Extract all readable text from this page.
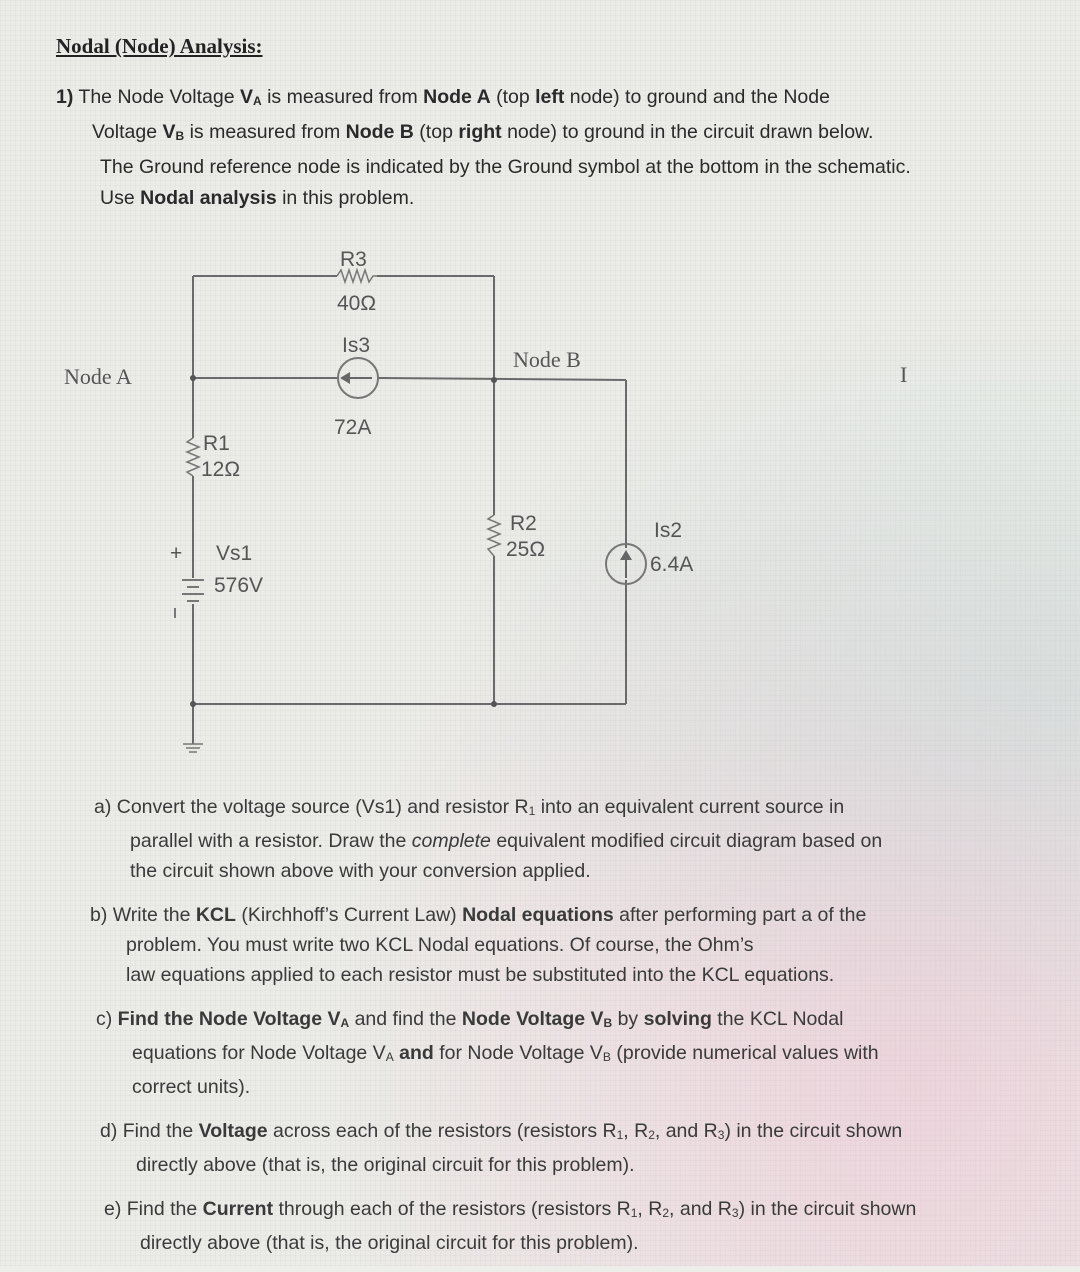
Nodal (Node) Analysis:
1) The Node Voltage $V_A$ is measured from Node A (top left node) to ground and the Node
Voltage $V_B$ is measured from Node B (top right node) to ground in the circuit drawn below.
The Ground reference node is indicated by the Ground symbol at the bottom in the schematic.
Use Nodal analysis in this problem.
R3
40Ω
Is3
72A
R1
12Ω
+ Vs1
576V
R2
25Ω
Is2
6.4A
Node A
Node B
I
a) Convert the voltage source (Vs1) and resistor $R_1$ into an equivalent current source in
parallel with a resistor. Draw the complete equivalent modified circuit diagram based on
the circuit shown above with your conversion applied.
b) Write the KCL (Kirchhoff’s Current Law) Nodal equations after performing part a of the
problem. You must write two KCL Nodal equations. Of course, the Ohm’s
law equations applied to each resistor must be substituted into the KCL equations.
c) Find the Node Voltage $V_A$ and find the Node Voltage $V_B$ by solving the KCL Nodal
equations for Node Voltage $V_A$ and for Node Voltage $V_B$ (provide numerical values with
correct units).
d) Find the Voltage across each of the resistors (resistors $R_1$, $R_2$, and $R_3$) in the circuit shown
directly above (that is, the original circuit for this problem).
e) Find the Current through each of the resistors (resistors $R_1$, $R_2$, and $R_3$) in the circuit shown
directly above (that is, the original circuit for this problem).
